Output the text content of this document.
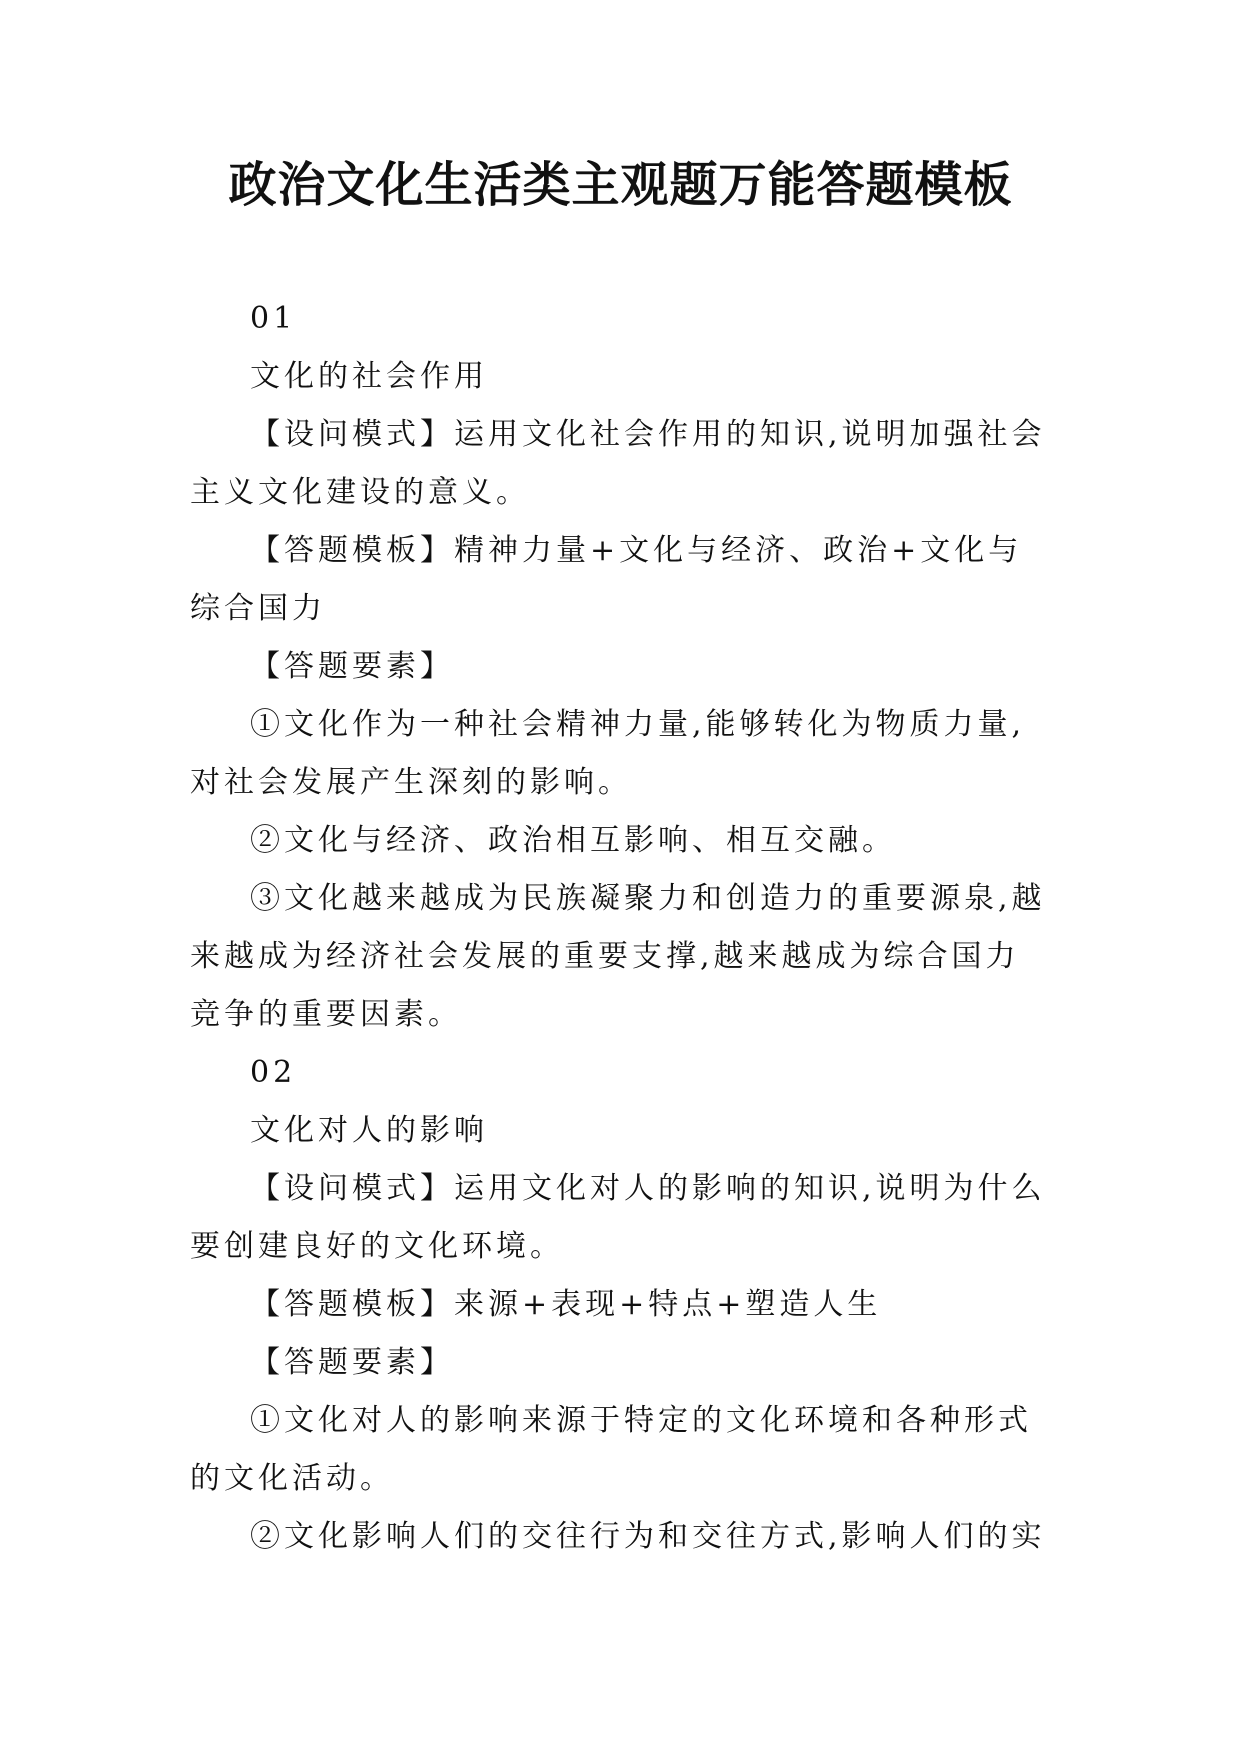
政治文化生活类主观题万能答题模板

01

文化的社会作用

【设问模式】运用文化社会作用的知识,说明加强社会主义文化建设的意义。

【答题模板】精神力量+文化与经济、政治+文化与综合国力

【答题要素】

①文化作为一种社会精神力量,能够转化为物质力量,对社会发展产生深刻的影响。

②文化与经济、政治相互影响、相互交融。

③文化越来越成为民族凝聚力和创造力的重要源泉,越来越成为经济社会发展的重要支撑,越来越成为综合国力竞争的重要因素。

02

文化对人的影响

【设问模式】运用文化对人的影响的知识,说明为什么要创建良好的文化环境。

【答题模板】来源+表现+特点+塑造人生

【答题要素】

①文化对人的影响来源于特定的文化环境和各种形式的文化活动。

②文化影响人们的交往行为和交往方式,影响人们的实
